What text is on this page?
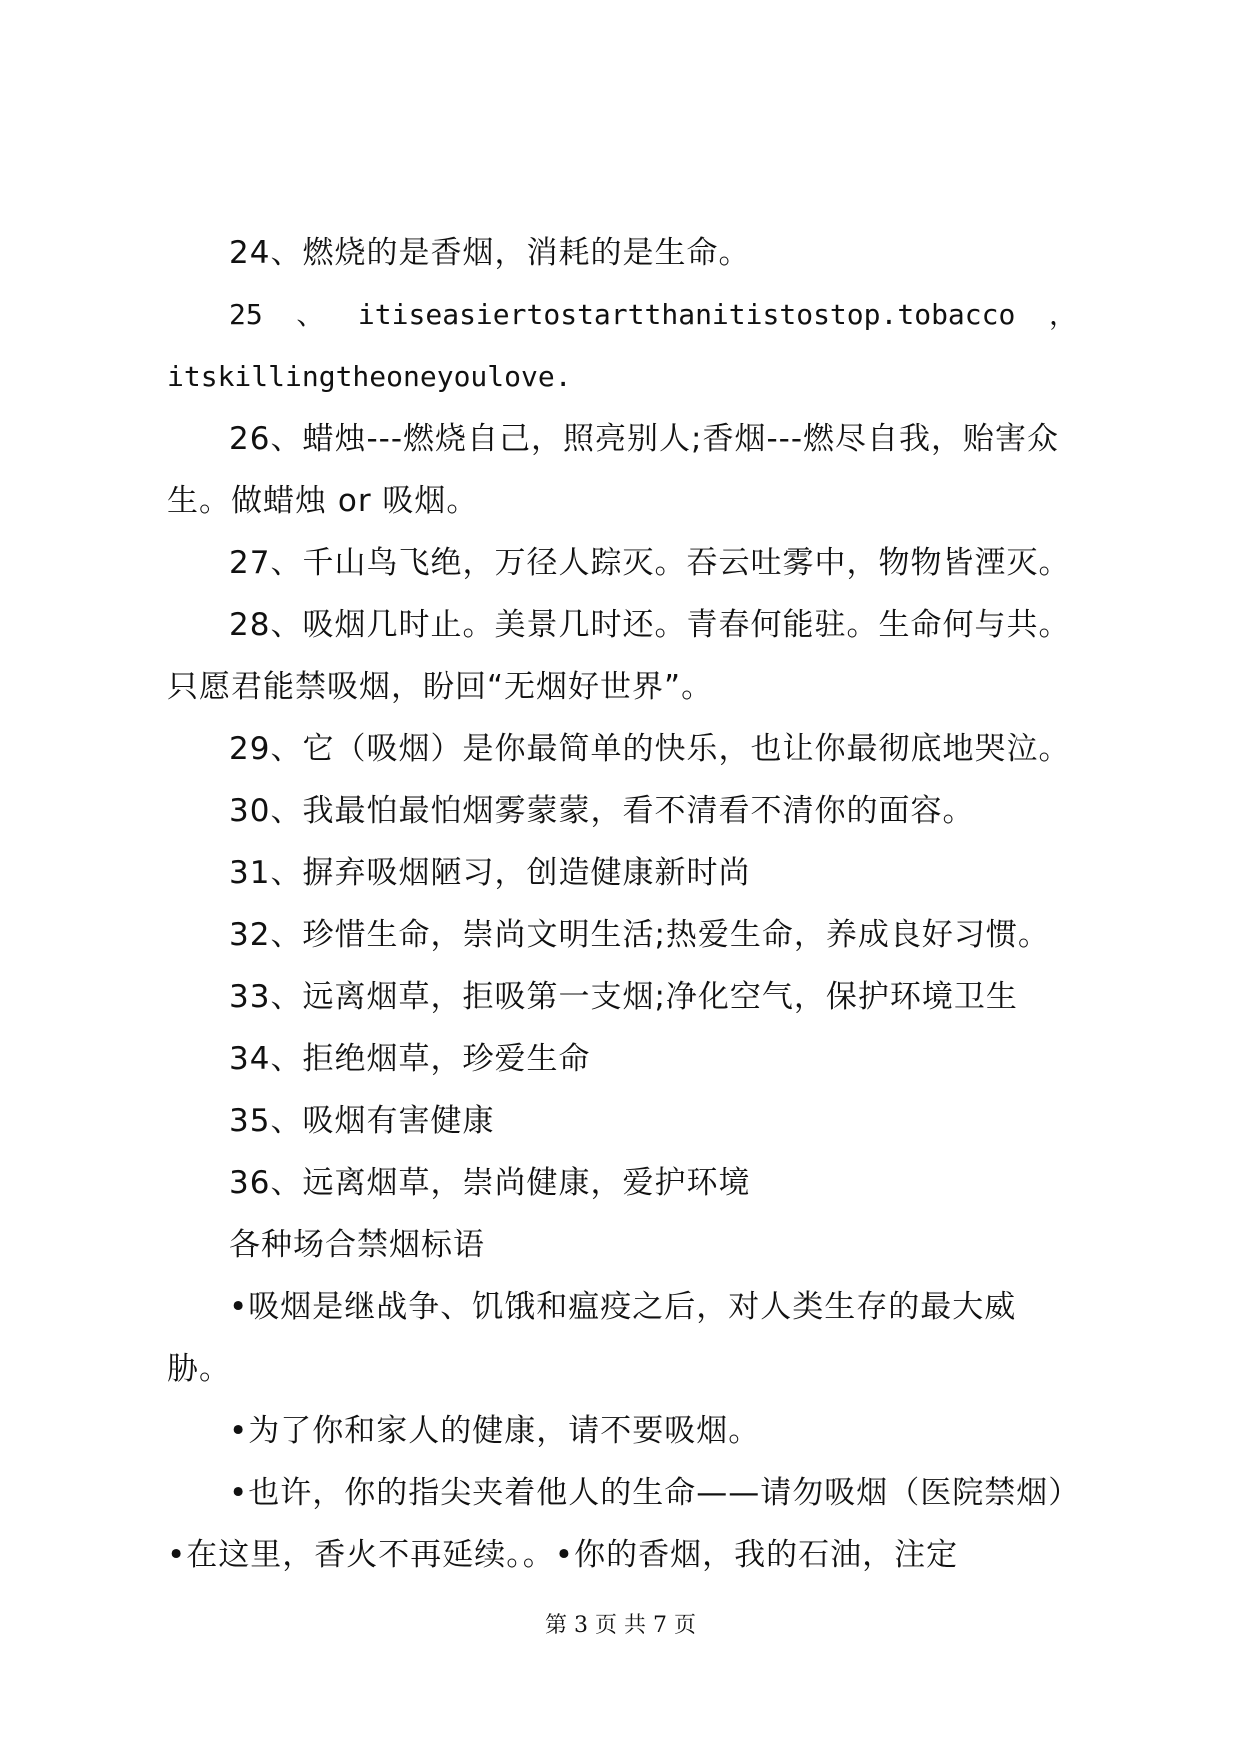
24、燃烧的是香烟，消耗的是生命。

25 、 itiseasiertostartthanitistostop.tobacco ，

itskillingtheoneyoulove.

26、蜡烛---燃烧自己，照亮别人;香烟---燃尽自我，贻害众生。做蜡烛 or 吸烟。

27、千山鸟飞绝，万径人踪灭。吞云吐雾中，物物皆湮灭。

28、吸烟几时止。美景几时还。青春何能驻。生命何与共。只愿君能禁吸烟，盼回“无烟好世界”。

29、它（吸烟）是你最简单的快乐，也让你最彻底地哭泣。

30、我最怕最怕烟雾蒙蒙，看不清看不清你的面容。

31、摒弃吸烟陋习，创造健康新时尚

32、珍惜生命，崇尚文明生活;热爱生命，养成良好习惯。

33、远离烟草，拒吸第一支烟;净化空气，保护环境卫生

34、拒绝烟草，珍爱生命

35、吸烟有害健康

36、远离烟草，崇尚健康，爱护环境

各种场合禁烟标语

•吸烟是继战争、饥饿和瘟疫之后，对人类生存的最大威胁。

•为了你和家人的健康，请不要吸烟。

•也许，你的指尖夹着他人的生命——请勿吸烟（医院禁烟）•在这里，香火不再延续。。•你的香烟，我的石油，注定

第 3 页 共 7 页
